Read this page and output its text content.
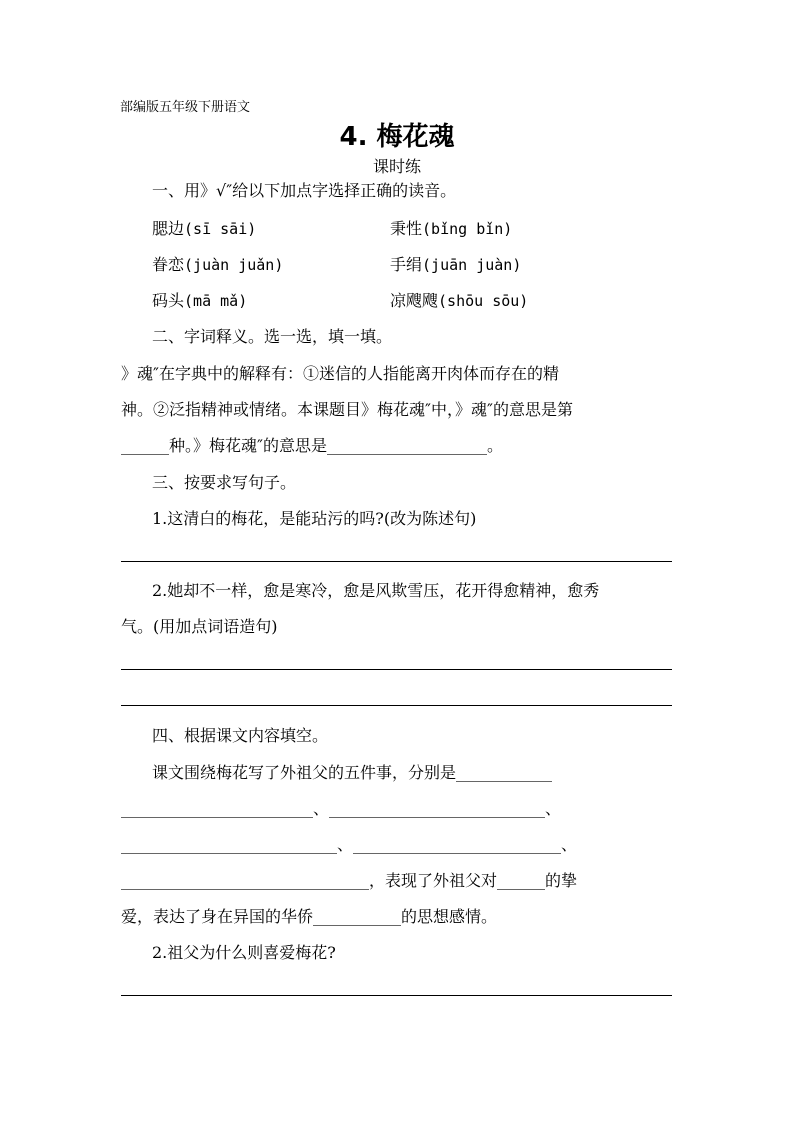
部编版五年级下册语文
4. 梅花魂
课时练
一、用》√″给以下加点字选择正确的读音。
腮边(sī sāi)	秉性(bǐng bǐn)
眷恋(juàn juǎn)	手绢(juān juàn)
码头(mā mǎ)	凉飕飕(shōu sōu)
二、字词释义。选一选，填一填。
》魂″在字典中的解释有：①迷信的人指能离开肉体而存在的精
神。②泛指精神或情绪。本课题目》梅花魂″中，》魂″的意思是第
______种。》梅花魂″的意思是____________________。
三、按要求写句子。
1.这清白的梅花，是能玷污的吗?(改为陈述句)
2.她却不一样，愈是寒冷，愈是风欺雪压，花开得愈精神，愈秀
气。(用加点词语造句)
四、根据课文内容填空。
课文围绕梅花写了外祖父的五件事，分别是____________
________________________、___________________________、
___________________________、__________________________、
_______________________________，表现了外祖父对______的挚
爱，表达了身在异国的华侨___________的思想感情。
2.祖父为什么则喜爱梅花?
